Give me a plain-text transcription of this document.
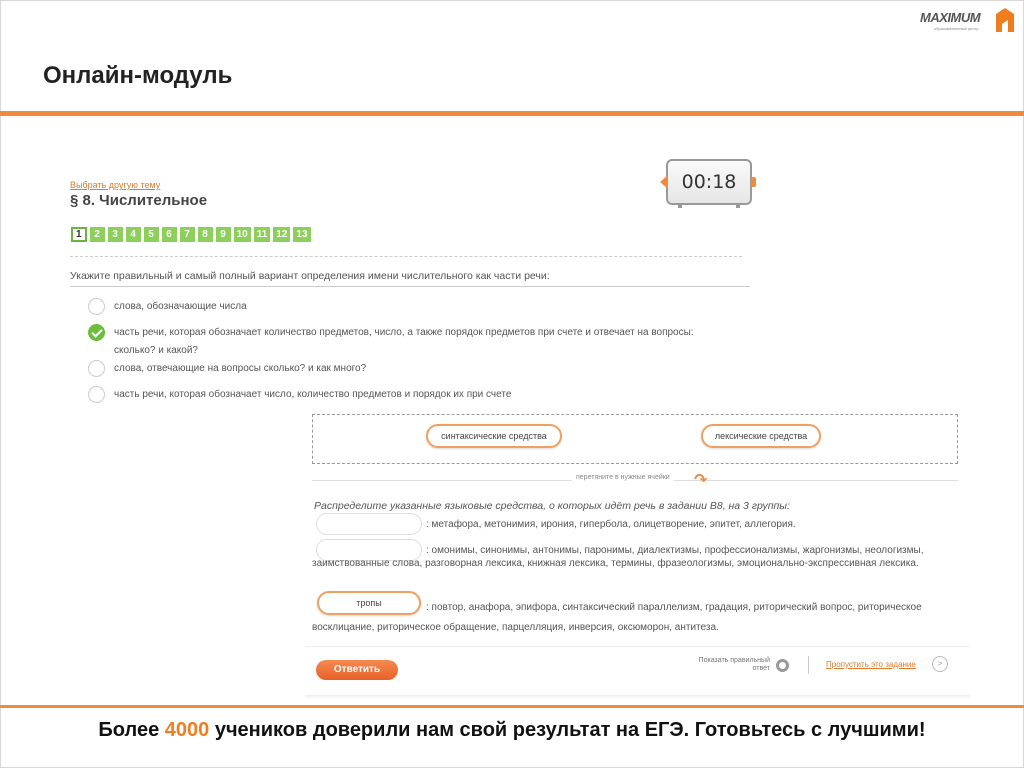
Онлайн-модуль
MAXIMUM
образовательный центр
Выбрать другую тему
§ 8. Числительное
00:18
1	2	3	4	5	6	7	8	9	10 11 12 13
Укажите правильный и самый полный вариант определения имени числительного как части речи:
слова, обозначающие числа
часть речи, которая обозначает количество предметов, число, а также порядок предметов при счете и отвечает на вопросы: сколько? и какой?
слова, отвечающие на вопросы сколько? и как много?
часть речи, которая обозначает число, количество предметов и порядок их при счете
синтаксические средства	лексические средства
перетяните в нужные ячейки ↷
Распределите указанные языковые средства, о которых идёт речь в задании В8, на 3 группы:
: метафора, метонимия, ирония, гипербола, олицетворение, эпитет, аллегория.
: омонимы, синонимы, антонимы, паронимы, диалектизмы, профессионализмы, жаргонизмы, неологизмы, заимствованные слова, разговорная лексика, книжная лексика, термины, фразеологизмы, эмоционально-экспрессивная лексика.
тропы	: повтор, анафора, эпифора, синтаксический параллелизм, градация, риторический вопрос, риторическое восклицание, риторическое обращение, парцелляция, инверсия, оксюморон, антитеза.
Ответить
Показать правильный ответ	Пропустить это задание	>
Более 4000 учеников доверили нам свой результат на ЕГЭ. Готовьтесь с лучшими!
